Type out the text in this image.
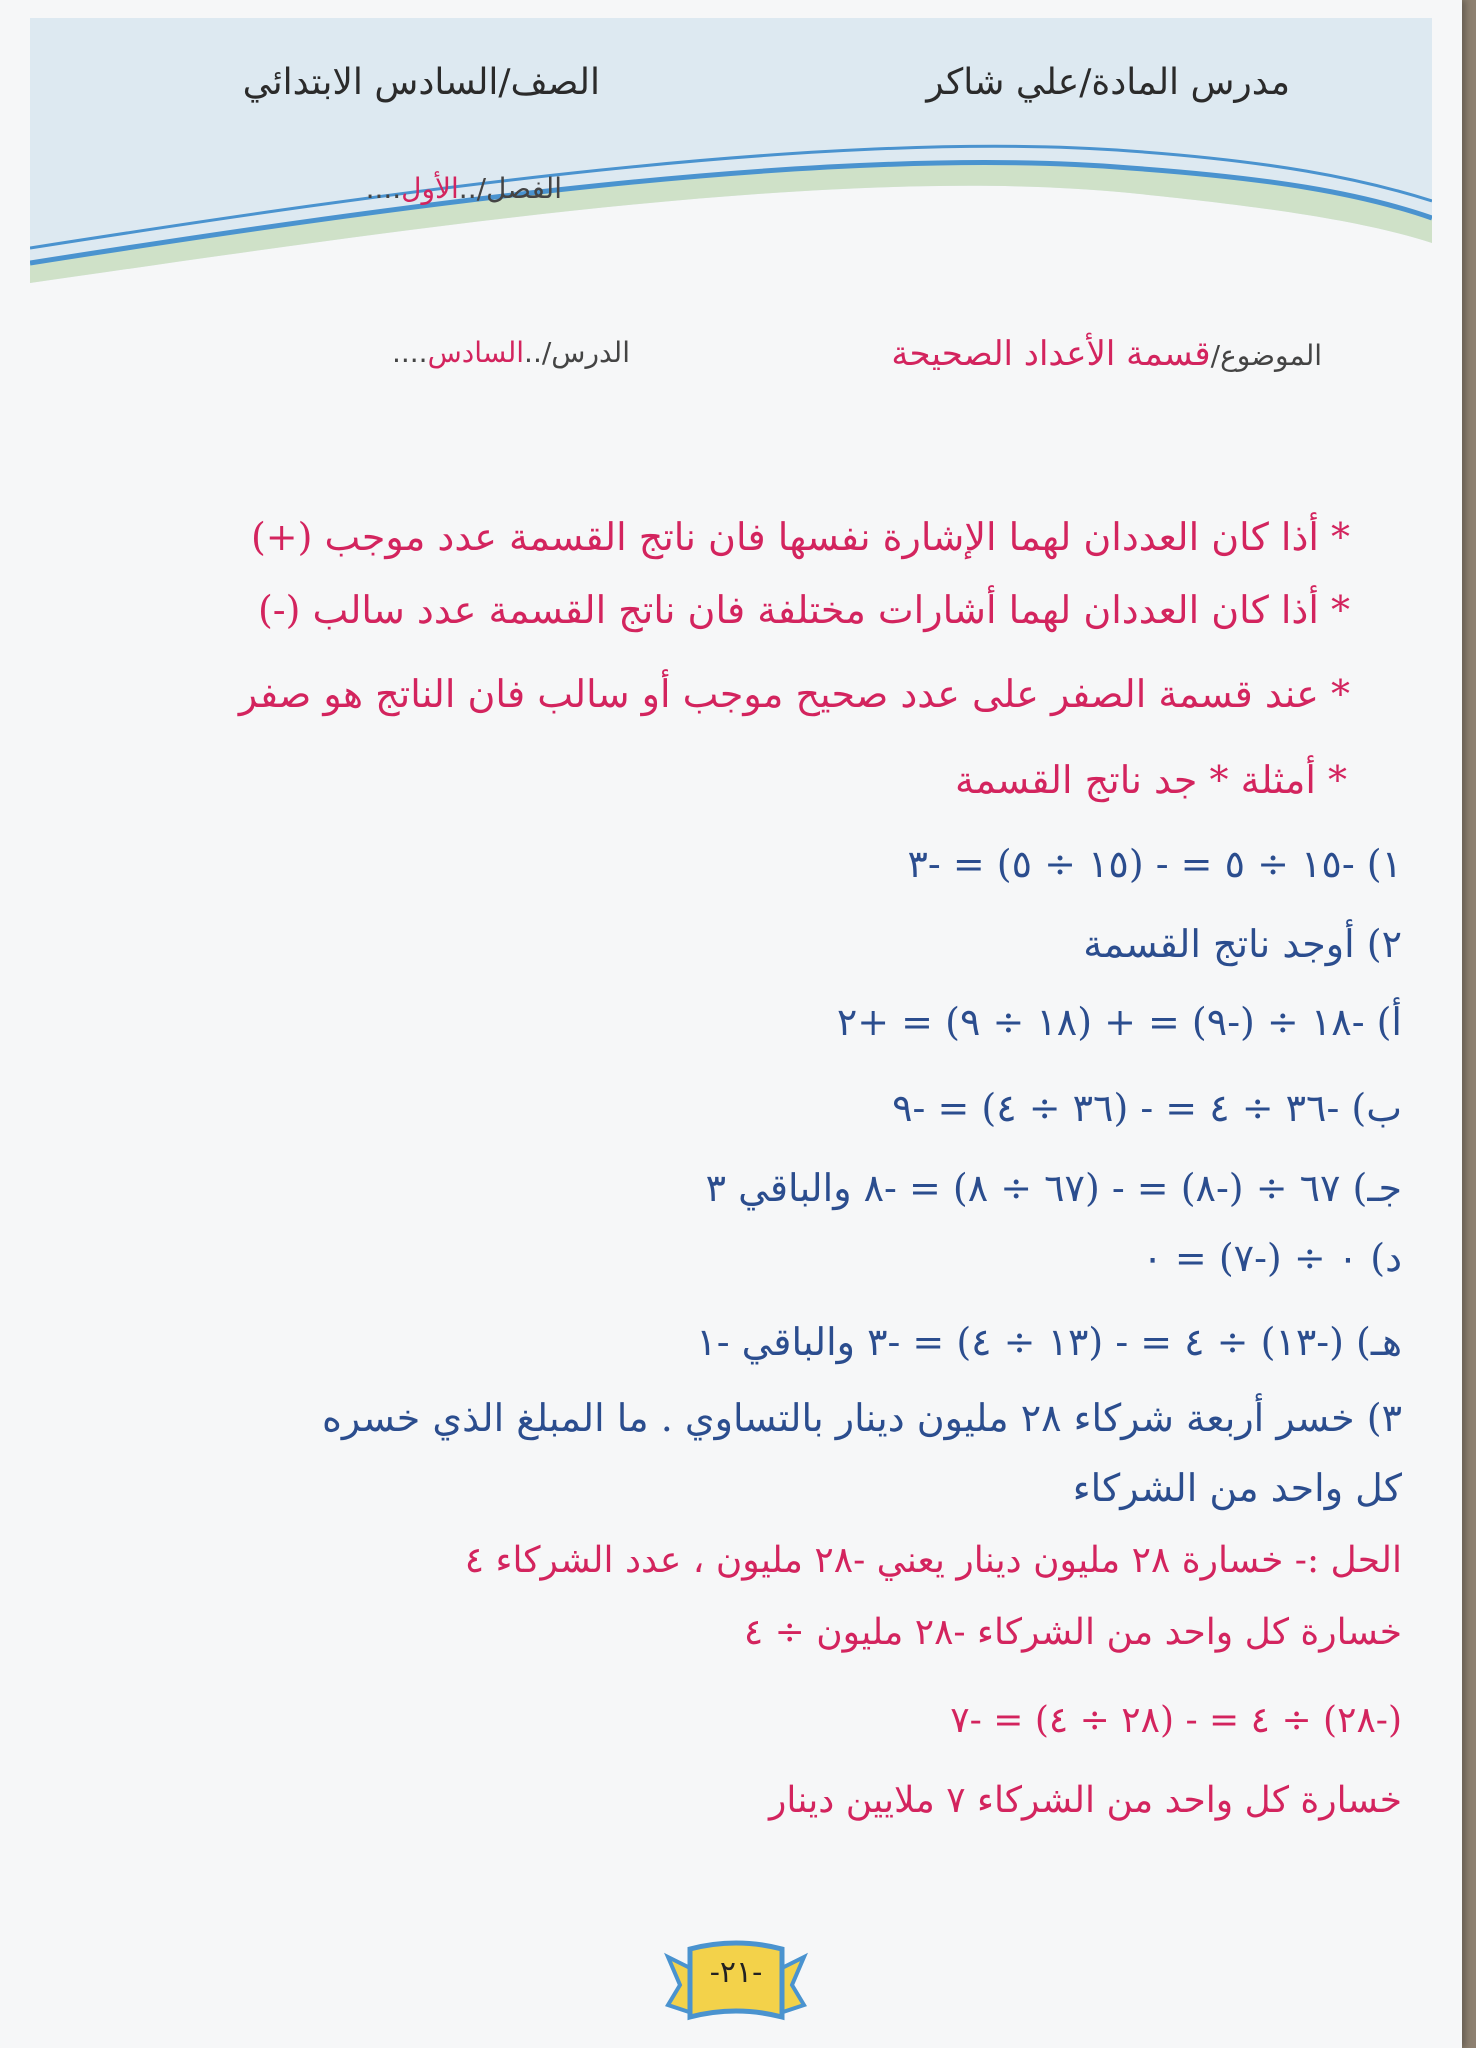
مدرس المادة/علي شاكر
الصف/السادس الابتدائي
الفصل/..الأول....
الموضوع/قسمة الأعداد الصحيحة
الدرس/..السادس....
* أذا كان العددان لهما الإشارة نفسها فان ناتج القسمة عدد موجب (+)
* أذا كان العددان لهما أشارات مختلفة فان ناتج القسمة عدد سالب (-)
* عند قسمة الصفر على عدد صحيح موجب أو سالب فان الناتج هو صفر
* أمثلة * جد ناتج القسمة
١) -١٥ ÷ ٥ = - (١٥ ÷ ٥) = -٣
٢) أوجد ناتج القسمة
أ) -١٨ ÷ (-٩) = + (١٨ ÷ ٩) = +٢
ب) -٣٦ ÷ ٤ = - (٣٦ ÷ ٤) = -٩
جـ) ٦٧ ÷ (-٨) = - (٦٧ ÷ ٨) = -٨ والباقي ٣
د) ٠ ÷ (-٧) = ٠
هـ) (-١٣) ÷ ٤ = - (١٣ ÷ ٤) = -٣ والباقي -١
٣) خسر أربعة شركاء ٢٨ مليون دينار بالتساوي . ما المبلغ الذي خسره
كل واحد من الشركاء
الحل :- خسارة ٢٨ مليون دينار يعني -٢٨ مليون ، عدد الشركاء ٤
خسارة كل واحد من الشركاء -٢٨ مليون ÷ ٤
(-٢٨) ÷ ٤ = - (٢٨ ÷ ٤) = -٧
خسارة كل واحد من الشركاء ٧ ملايين دينار
-٢١-
